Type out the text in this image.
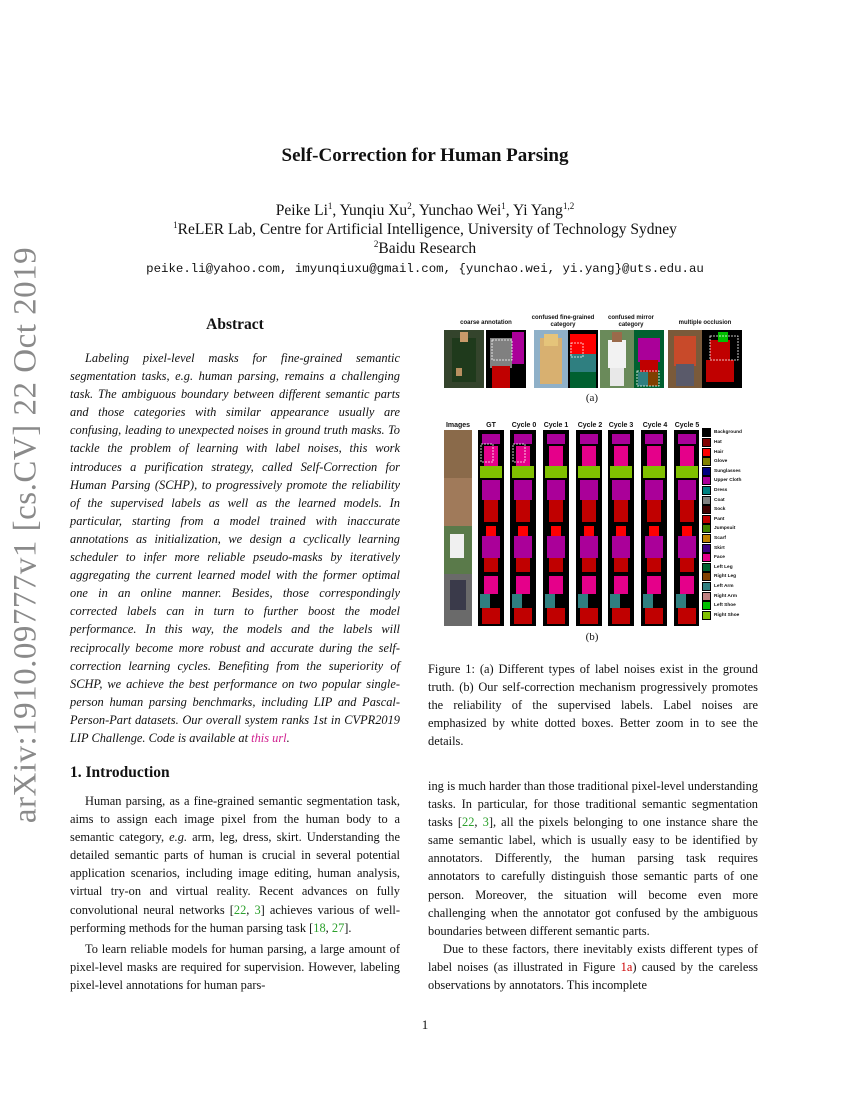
arXiv:1910.09777v1 [cs.CV] 22 Oct 2019
Self-Correction for Human Parsing
Peike Li$^1$, Yunqiu Xu$^2$, Yunchao Wei$^1$, Yi Yang$^{1,2}$
$^1$ReLER Lab, Centre for Artificial Intelligence, University of Technology Sydney
$^2$Baidu Research
peike.li@yahoo.com, imyunqiuxu@gmail.com, {yunchao.wei, yi.yang}@uts.edu.au
Abstract
Labeling pixel-level masks for fine-grained semantic segmentation tasks, e.g. human parsing, remains a challenging task. The ambiguous boundary between different semantic parts and those categories with similar appearance usually are confusing, leading to unexpected noises in ground truth masks. To tackle the problem of learning with label noises, this work introduces a purification strategy, called Self-Correction for Human Parsing (SCHP), to progressively promote the reliability of the supervised labels as well as the learned models. In particular, starting from a model trained with inaccurate annotations as initialization, we design a cyclically learning scheduler to infer more reliable pseudo-masks by iteratively aggregating the current learned model with the former optimal one in an online manner. Besides, those correspondingly corrected labels can in turn to further boost the model performance. In this way, the models and the labels will reciprocally become more robust and accurate during the self-correction learning cycles. Benefiting from the superiority of SCHP, we achieve the best performance on two popular single-person human parsing benchmarks, including LIP and Pascal-Person-Part datasets. Our overall system ranks 1st in CVPR2019 LIP Challenge. Code is available at this url.
coarse annotation
confused fine-grained category
confused mirror category	multiple occlusion
(a)
Images	GT	Cycle 0	Cycle 1	Cycle 2 Cycle 3	Cycle 4	Cycle 5
Background
Hat
Hair
Glove
Sunglasses
Upper Cloth
Dress
Coat
Sock
Pant
Jumpsuit
Scarf
Skirt
Face
Left Leg
Right Leg
Left Arm
Right Arm
Left Shoe
Right Shoe
(b)
Figure 1: (a) Different types of label noises exist in the ground truth. (b) Our self-correction mechanism progressively promotes the reliability of the supervised labels. Label noises are emphasized by white dotted boxes. Better zoom in to see the details.
1. Introduction
Human parsing, as a fine-grained semantic segmentation task, aims to assign each image pixel from the human body to a semantic category, e.g. arm, leg, dress, skirt. Understanding the detailed semantic parts of human is crucial in several potential application scenarios, including image editing, human analysis, virtual try-on and virtual reality. Recent advances on fully convolutional neural networks [22, 3] achieves various of well-performing methods for the human parsing task [18, 27].
To learn reliable models for human parsing, a large amount of pixel-level masks are required for supervision. However, labeling pixel-level annotations for human pars-
ing is much harder than those traditional pixel-level understanding tasks. In particular, for those traditional semantic segmentation tasks [22, 3], all the pixels belonging to one instance share the same semantic label, which is usually easy to be identified by annotators. Differently, the human parsing task requires annotators to carefully distinguish those semantic parts of one person. Moreover, the situation will become even more challenging when the annotator got confused by the ambiguous boundaries between different semantic parts.
Due to these factors, there inevitably exists different types of label noises (as illustrated in Figure 1a) caused by the careless observations by annotators. This incomplete
1
